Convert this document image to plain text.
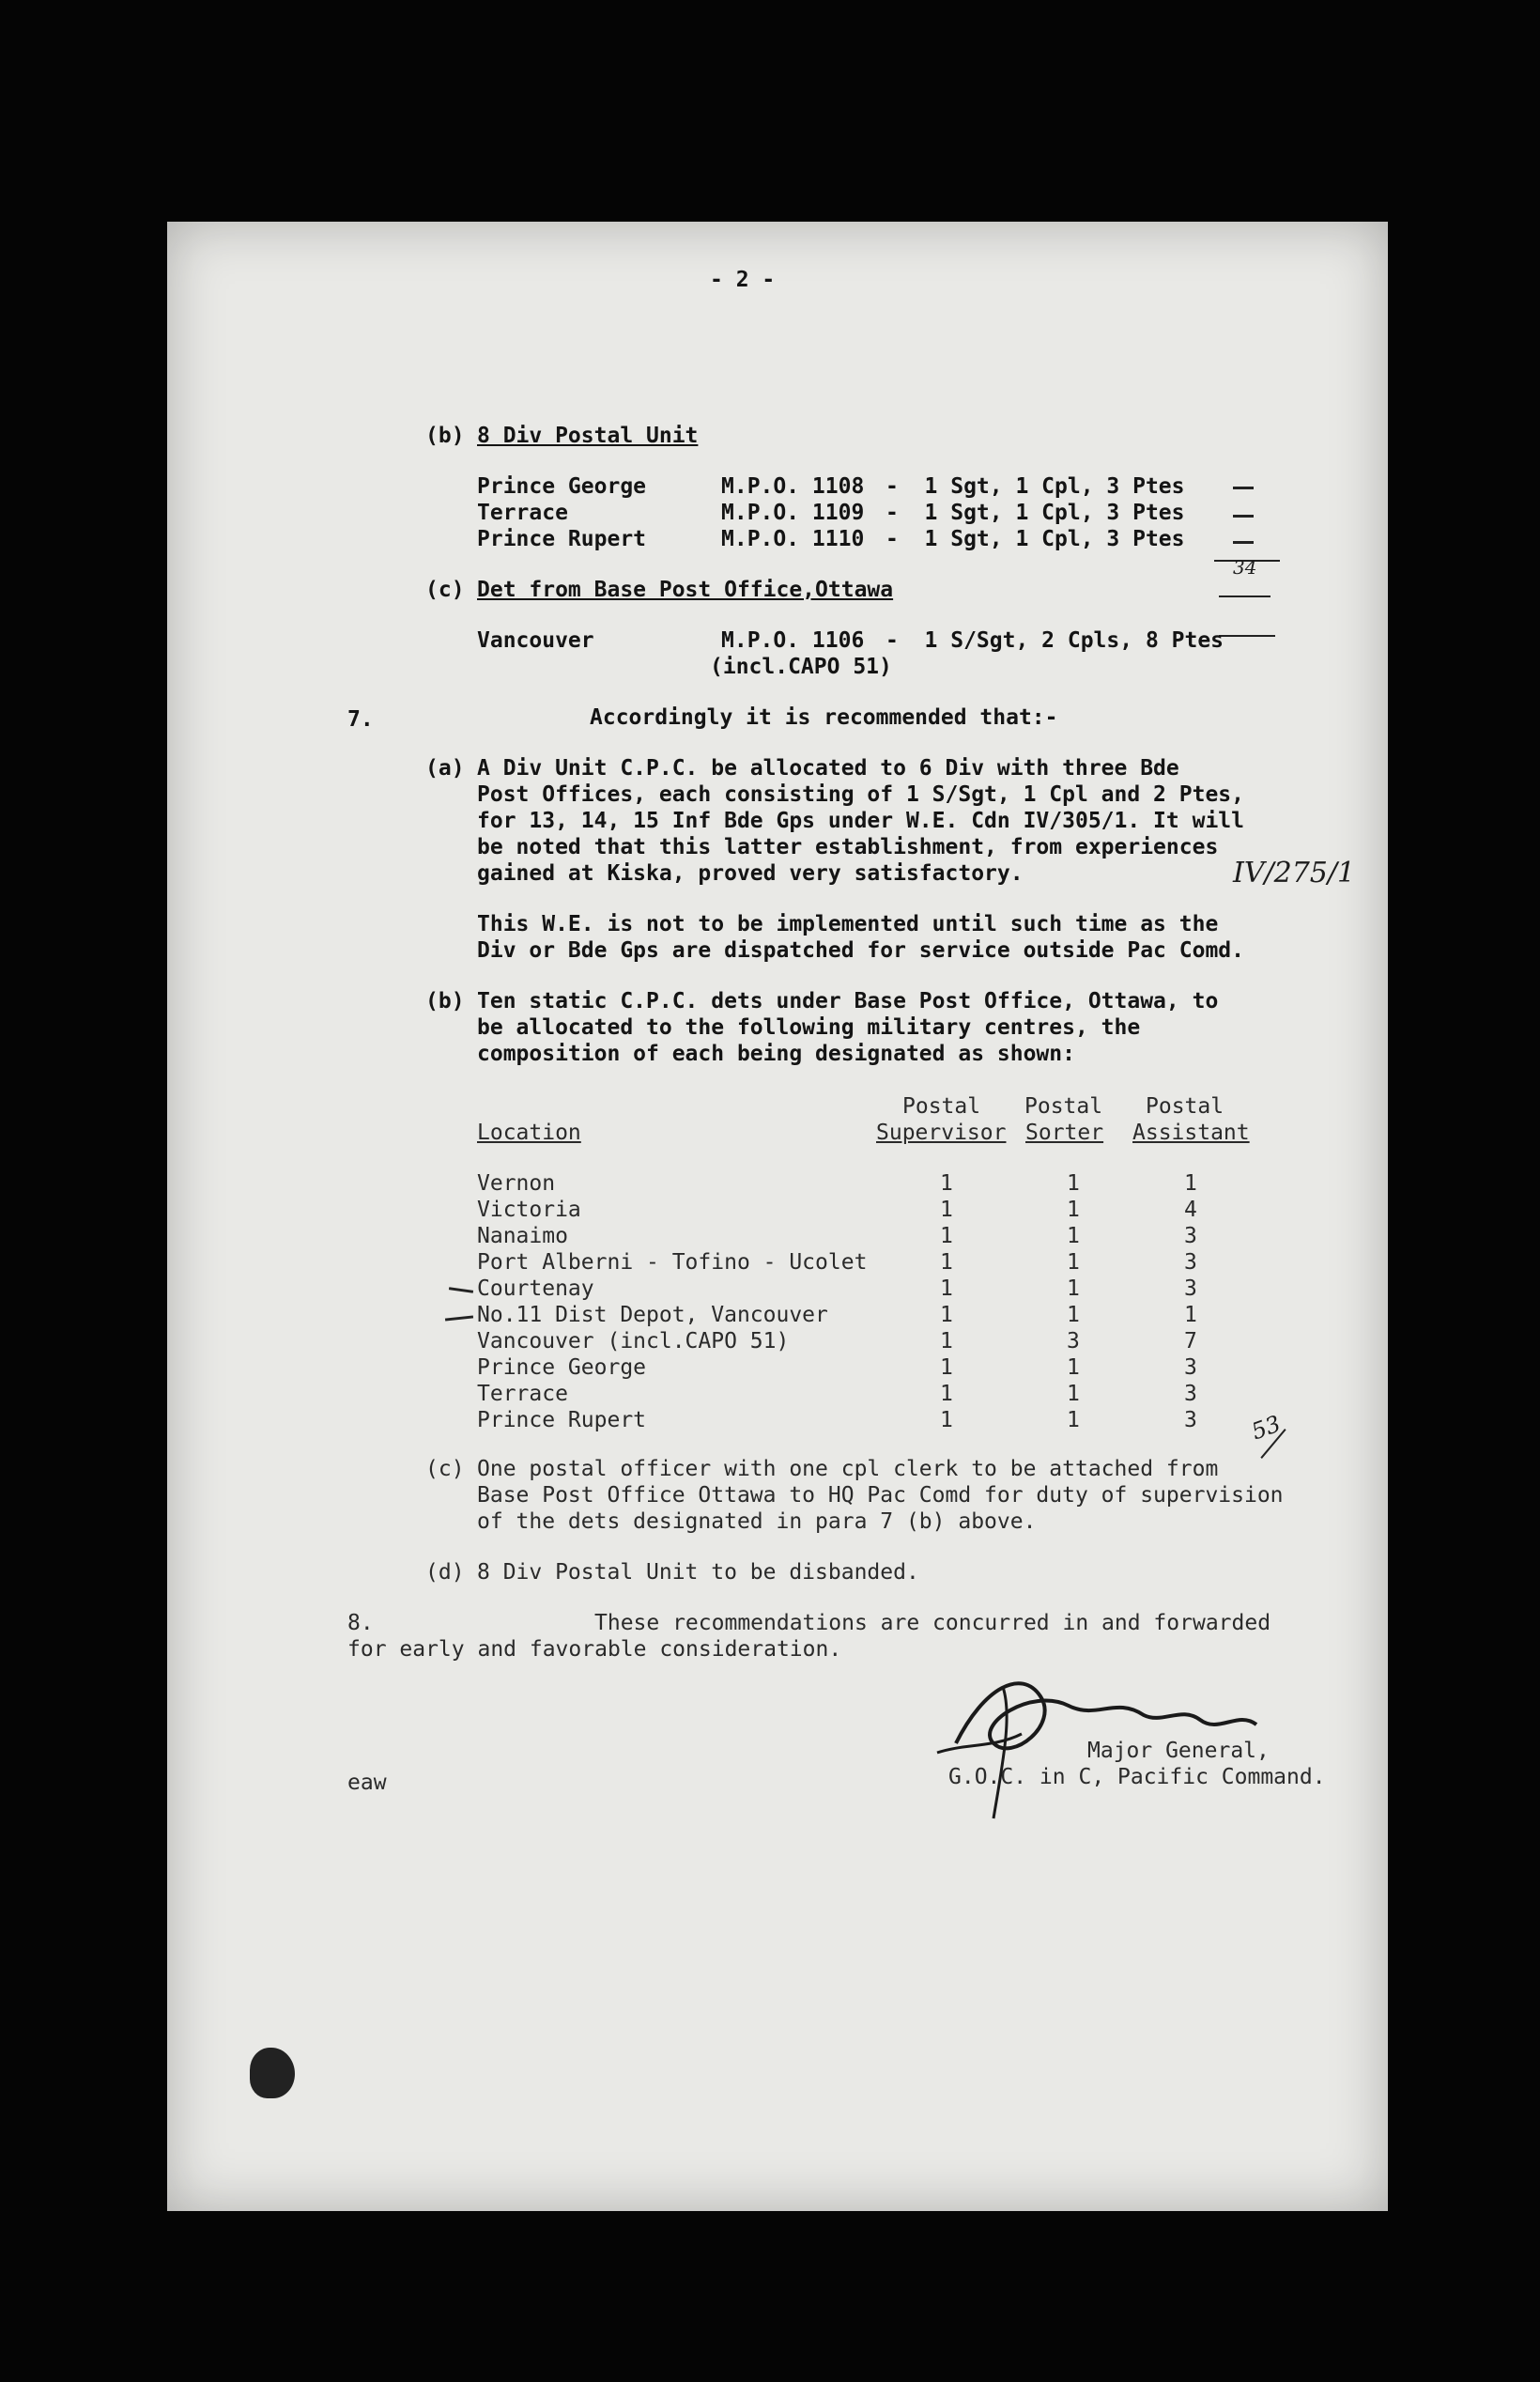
- 2 -
(b) 8 Div Postal Unit
Prince George	M.P.O. 1108 -  1 Sgt, 1 Cpl, 3 Ptes
Terrace	M.P.O. 1109 -  1 Sgt, 1 Cpl, 3 Ptes
Prince Rupert	M.P.O. 1110 -  1 Sgt, 1 Cpl, 3 Ptes
34
(c) Det from Base Post Office,Ottawa
Vancouver	M.P.O. 1106 -  1 S/Sgt, 2 Cpls, 8 Ptes
(incl.CAPO 51)
7.	Accordingly it is recommended that:-
(a) A Div Unit C.P.C. be allocated to 6 Div with three Bde
Post Offices, each consisting of 1 S/Sgt, 1 Cpl and 2 Ptes,
for 13, 14, 15 Inf Bde Gps under W.E. Cdn IV/305/1. It will
be noted that this latter establishment, from experiences
gained at Kiska, proved very satisfactory.	IV/275/1
This W.E. is not to be implemented until such time as the
Div or Bde Gps are dispatched for service outside Pac Comd.
(b) Ten static C.P.C. dets under Base Post Office, Ottawa, to
be allocated to the following military centres, the
composition of each being designated as shown:
Postal Postal Postal
Location	Supervisor Sorter Assistant
Vernon	1	1	1
Victoria	1	1	4
Nanaimo	1	1	3
Port Alberni - Tofino - Ucolet	1	1	3
Courtenay	1	1	3
No.11 Dist Depot, Vancouver	1	1	1
Vancouver (incl.CAPO 51)	1	3	7
Prince George	1	1	3
Terrace	1	1	3
Prince Rupert	1	1	3 53
(c) One postal officer with one cpl clerk to be attached from
Base Post Office Ottawa to HQ Pac Comd for duty of supervision
of the dets designated in para 7 (b) above.
(d) 8 Div Postal Unit to be disbanded.
8.	These recommendations are concurred in and forwarded
for early and favorable consideration.
Major General,
G.O.C. in C, Pacific Command.
eaw
